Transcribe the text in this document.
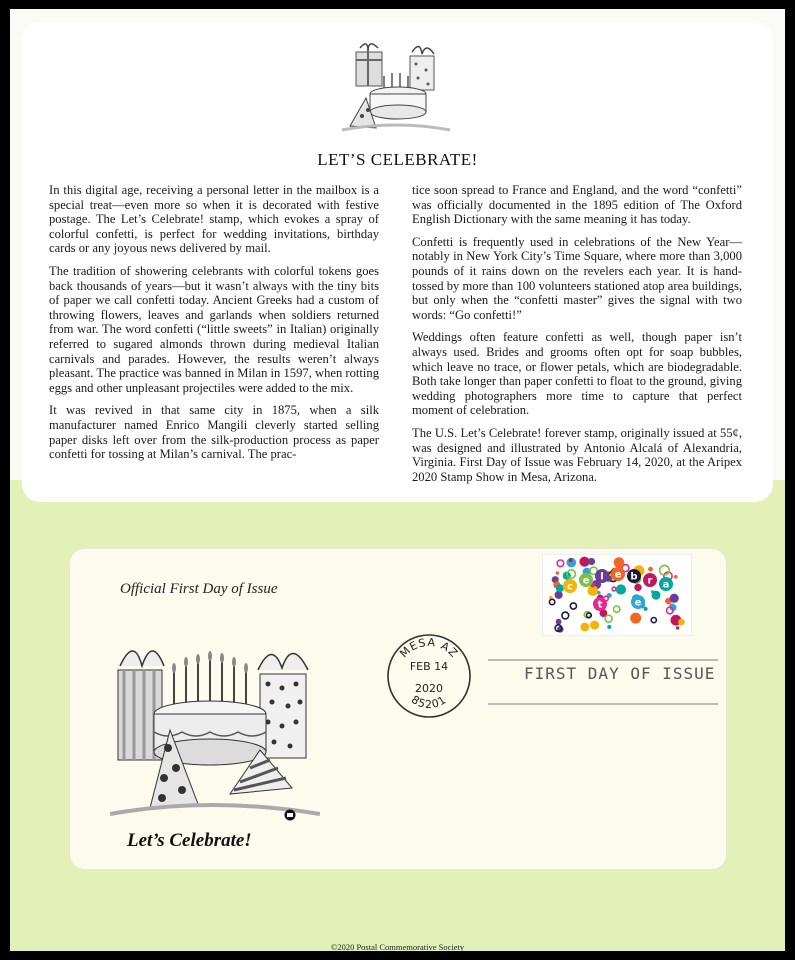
LET’S CELEBRATE!

In this digital age, receiving a personal letter in the mailbox is a special treat—even more so when it is decorated with festive postage. The Let’s Celebrate! stamp, which evokes a spray of colorful confetti, is perfect for wedding invitations, birthday cards or any joyous news delivered by mail.

The tradition of showering celebrants with colorful tokens goes back thousands of years—but it wasn’t always with the tiny bits of paper we call confetti today. Ancient Greeks had a custom of throwing flowers, leaves and garlands when soldiers returned from war. The word confetti (“little sweets” in Italian) originally referred to sugared almonds thrown during medieval Italian carnivals and parades. However, the results weren’t always pleasant. The practice was banned in Milan in 1597, when rotting eggs and other unpleasant projectiles were added to the mix.

It was revived in that same city in 1875, when a silk manufacturer named Enrico Mangili cleverly started selling paper disks left over from the silk-production process as paper confetti for tossing at Milan’s carnival. The prac-

tice soon spread to France and England, and the word “confetti” was officially documented in the 1895 edition of The Oxford English Dictionary with the same meaning it has today.

Confetti is frequently used in celebrations of the New Year—notably in New York City’s Time Square, where more than 3,000 pounds of it rains down on the revelers each year. It is hand-tossed by more than 100 volunteers stationed atop area buildings, but only when the “confetti master” gives the signal with two words: “Go confetti!”

Weddings often feature confetti as well, though paper isn’t always used. Brides and grooms often opt for soap bubbles, which leave no trace, or flower petals, which are biodegradable. Both take longer than paper confetti to float to the ground, giving wedding photographers more time to capture that perfect moment of celebration.

The U.S. Let’s Celebrate! forever stamp, originally issued at 55¢, was designed and illustrated by Antonio Alcalá of Alexandria, Virginia. First Day of Issue was February 14, 2020, at the Aripex 2020 Stamp Show in Mesa, Arizona.

Official First Day of Issue
Let’s Celebrate!
MESA AZ
FEB 14
2020
85201
FIRST DAY OF ISSUE
c
e l e b r a
t	e
©2020 Postal Commemorative Society
